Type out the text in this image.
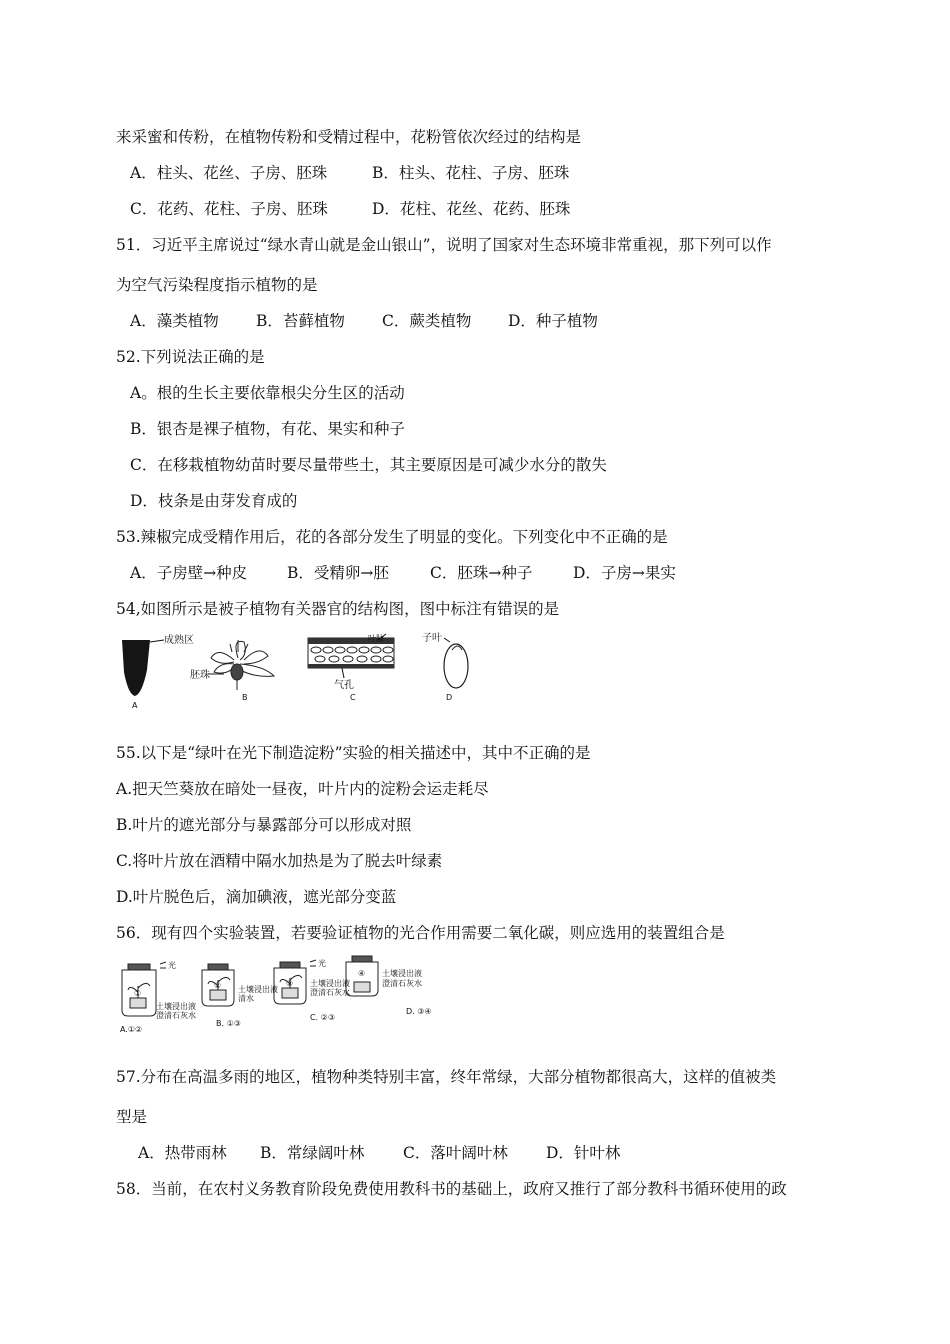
来采蜜和传粉，在植物传粉和受精过程中，花粉管依次经过的结构是
A．柱头、花丝、子房、胚珠	B．柱头、花柱、子房、胚珠
C．花药、花柱、子房、胚珠	D．花柱、花丝、花药、胚珠
51．习近平主席说过“绿水青山就是金山银山”，说明了国家对生态环境非常重视，那下列可以作
为空气污染程度指示植物的是
A．藻类植物 B．苔藓植物 C．蕨类植物 D．种子植物
52.下列说法正确的是
A。根的生长主要依靠根尖分生区的活动
B．银杏是裸子植物，有花、果实和种子
C．在移栽植物幼苗时要尽量带些土，其主要原因是可减少水分的散失
D．枝条是由芽发育成的
53.辣椒完成受精作用后，花的各部分发生了明显的变化。下列变化中不正确的是
A．子房壁→种皮	B．受精卵→胚	C．胚珠→种子	D．子房→果实
54,如图所示是被子植物有关器官的结构图，图中标注有错误的是
成熟区
A
胚珠
B
叶脉
气孔
C
子叶
D
55.以下是“绿叶在光下制造淀粉”实验的相关描述中，其中不正确的是
A.把天竺葵放在暗处一昼夜，叶片内的淀粉会运走耗尽
B.叶片的遮光部分与暴露部分可以形成对照
C.将叶片放在酒精中隔水加热是为了脱去叶绿素
D.叶片脱色后，滴加碘液，遮光部分变蓝
56．现有四个实验装置，若要验证植物的光合作用需要二氧化碳，则应选用的装置组合是
①
光
土壤浸出液
澄清石灰水
②	③
光
土壤浸出液
清水
④
土壤浸出液
澄清石灰水
土壤浸出液
澄清石灰水
A.①②
B. ①③
C. ②③
D. ③④
57.分布在高温多雨的地区，植物种类特别丰富，终年常绿，大部分植物都很高大，这样的值被类
型是
A．热带雨林 B．常绿阔叶林 C．落叶阔叶林 D．针叶林
58．当前，在农村义务教育阶段免费使用教科书的基础上，政府又推行了部分教科书循环使用的政
